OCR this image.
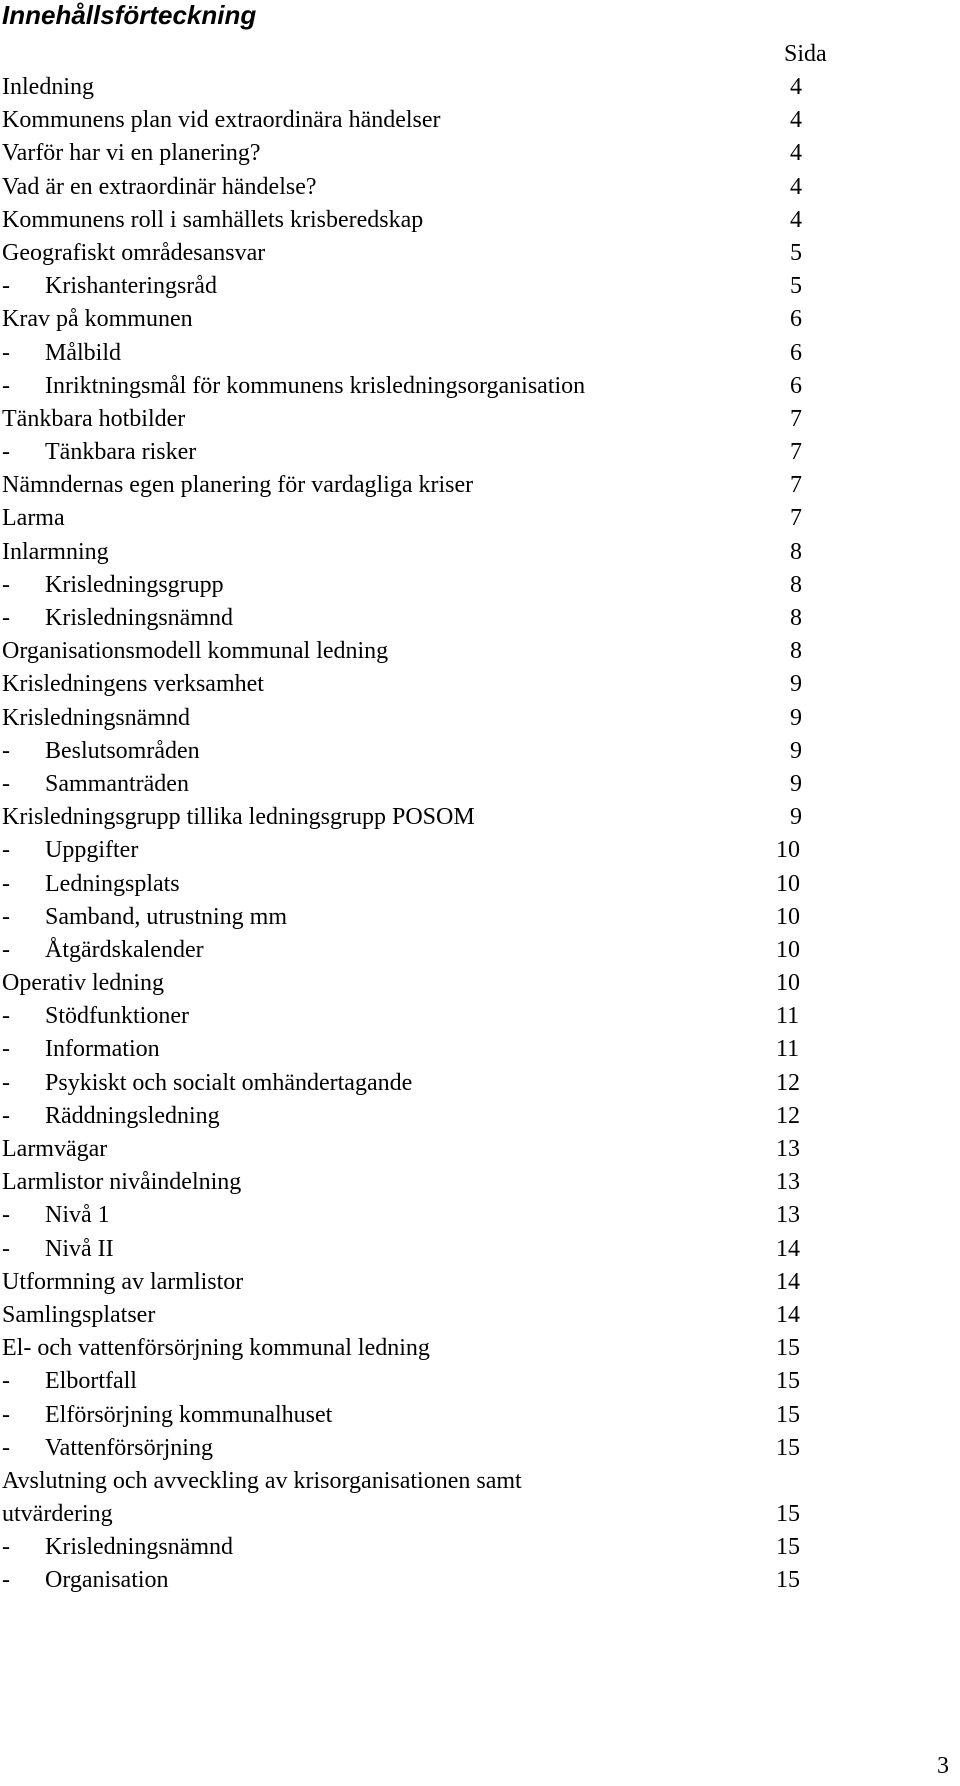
Innehållsförteckning
Sida
Inledning	4
Kommunens plan vid extraordinära händelser	4
Varför har vi en planering?	4
Vad är en extraordinär händelse?	4
Kommunens roll i samhällets krisberedskap	4
Geografiskt områdesansvar	5
- Krishanteringsråd	5
Krav på kommunen	6
- Målbild	6
- Inriktningsmål för kommunens krisledningsorganisation	6
Tänkbara hotbilder	7
- Tänkbara risker	7
Nämndernas egen planering för vardagliga kriser	7
Larma	7
Inlarmning	8
- Krisledningsgrupp	8
- Krisledningsnämnd	8
Organisationsmodell kommunal ledning	8
Krisledningens verksamhet	9
Krisledningsnämnd	9
- Beslutsområden	9
- Sammanträden	9
Krisledningsgrupp tillika ledningsgrupp POSOM	9
- Uppgifter	10
- Ledningsplats	10
- Samband, utrustning mm	10
- Åtgärdskalender	10
Operativ ledning	10
- Stödfunktioner	11
- Information	11
- Psykiskt och socialt omhändertagande	12
- Räddningsledning	12
Larmvägar	13
Larmlistor nivåindelning	13
- Nivå 1	13
- Nivå II	14
Utformning av larmlistor	14
Samlingsplatser	14
El- och vattenförsörjning kommunal ledning	15
- Elbortfall	15
- Elförsörjning kommunalhuset	15
- Vattenförsörjning	15
Avslutning och avveckling av krisorganisationen samt
utvärdering	15
- Krisledningsnämnd	15
- Organisation	15
3
